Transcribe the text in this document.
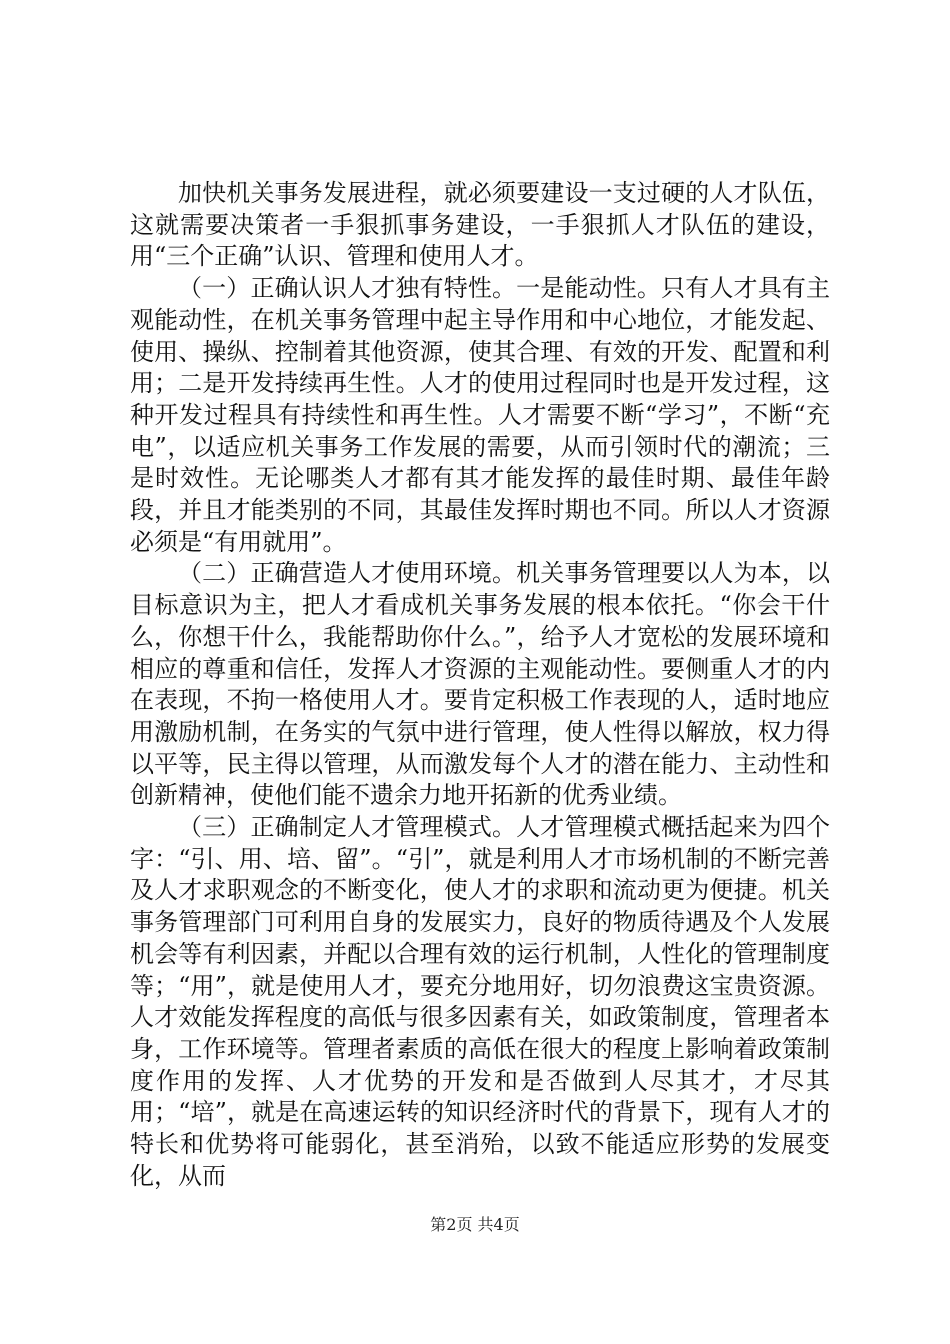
加快机关事务发展进程，就必须要建设一支过硬的人才队伍，这就需要决策者一手狠抓事务建设，一手狠抓人才队伍的建设，用“三个正确”认识、管理和使用人才。

（一）正确认识人才独有特性。一是能动性。只有人才具有主观能动性，在机关事务管理中起主导作用和中心地位，才能发起、使用、操纵、控制着其他资源，使其合理、有效的开发、配置和利用；二是开发持续再生性。人才的使用过程同时也是开发过程，这种开发过程具有持续性和再生性。人才需要不断“学习”，不断“充电”，以适应机关事务工作发展的需要，从而引领时代的潮流；三是时效性。无论哪类人才都有其才能发挥的最佳时期、最佳年龄段，并且才能类别的不同，其最佳发挥时期也不同。所以人才资源必须是“有用就用”。

（二）正确营造人才使用环境。机关事务管理要以人为本，以目标意识为主，把人才看成机关事务发展的根本依托。“你会干什么，你想干什么，我能帮助你什么。”，给予人才宽松的发展环境和相应的尊重和信任，发挥人才资源的主观能动性。要侧重人才的内在表现，不拘一格使用人才。要肯定积极工作表现的人，适时地应用激励机制，在务实的气氛中进行管理，使人性得以解放，权力得以平等，民主得以管理，从而激发每个人才的潜在能力、主动性和创新精神，使他们能不遗余力地开拓新的优秀业绩。

（三）正确制定人才管理模式。人才管理模式概括起来为四个字：“引、用、培、留”。“引”，就是利用人才市场机制的不断完善及人才求职观念的不断变化，使人才的求职和流动更为便捷。机关事务管理部门可利用自身的发展实力，良好的物质待遇及个人发展机会等有利因素，并配以合理有效的运行机制，人性化的管理制度等；“用”，就是使用人才，要充分地用好，切勿浪费这宝贵资源。人才效能发挥程度的高低与很多因素有关，如政策制度，管理者本身，工作环境等。管理者素质的高低在很大的程度上影响着政策制度作用的发挥、人才优势的开发和是否做到人尽其才，才尽其用；“培”，就是在高速运转的知识经济时代的背景下，现有人才的特长和优势将可能弱化，甚至消殆，以致不能适应形势的发展变化，从而

第2页 共4页
